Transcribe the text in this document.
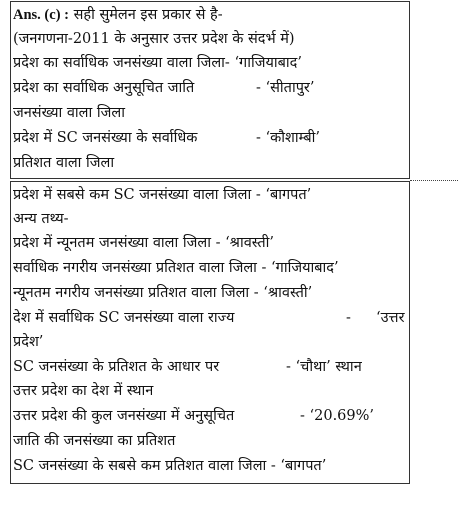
Ans. (c) : सही सुमेलन इस प्रकार से है-
(जनगणना-2011 के अनुसार उत्तर प्रदेश के संदर्भ में)
प्रदेश का सर्वाधिक जनसंख्या वाला जिला- ‘गाजियाबाद’
प्रदेश का सर्वाधिक अनुसूचित जाति	- ‘सीतापुर’
जनसंख्या वाला जिला
प्रदेश में SC जनसंख्या के सर्वाधिक	- ‘कौशाम्बी’
प्रतिशत वाला जिला
प्रदेश में सबसे कम SC जनसंख्या वाला जिला - ‘बागपत’
अन्य तथ्य-
प्रदेश में न्यूनतम जनसंख्या वाला जिला - ‘श्रावस्ती’
सर्वाधिक नगरीय जनसंख्या प्रतिशत वाला जिला - ‘गाजियाबाद’
न्यूनतम नगरीय जनसंख्या प्रतिशत वाला जिला - ‘श्रावस्ती’
देश में सर्वाधिक SC जनसंख्या वाला राज्य	- ‘उत्तर
प्रदेश’
SC जनसंख्या के प्रतिशत के आधार पर	- ‘चौथा’ स्थान
उत्तर प्रदेश का देश में स्थान
उत्तर प्रदेश की कुल जनसंख्या में अनुसूचित	- ‘20.69%’
जाति की जनसंख्या का प्रतिशत
SC जनसंख्या के सबसे कम प्रतिशत वाला जिला - ‘बागपत’
